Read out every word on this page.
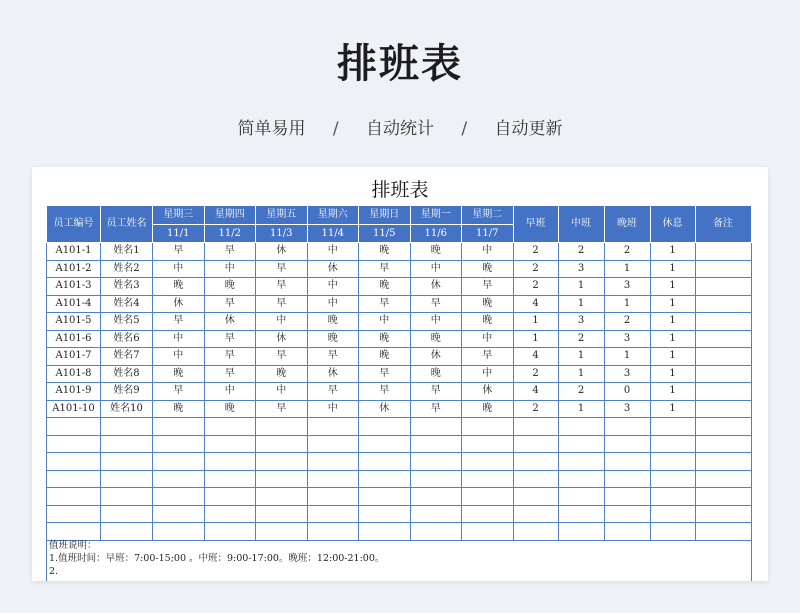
排班表
简单易用 / 自动统计 / 自动更新
排班表
员工编号	员工姓名	星期三	星期四	星期五	星期六	星期日	星期一	星期二	早班	中班	晚班	休息	备注
		11/1	11/2	11/3	11/4	11/5	11/6	11/7					
A101-1	姓名1	早	早	休	中	晚	晚	中	2	2	2	1	
A101-2	姓名2	中	中	早	休	早	中	晚	2	3	1	1	
A101-3	姓名3	晚	晚	早	中	晚	休	早	2	1	3	1	
A101-4	姓名4	休	早	早	中	早	早	晚	4	1	1	1	
A101-5	姓名5	早	休	中	晚	中	中	晚	1	3	2	1	
A101-6	姓名6	中	早	休	晚	晚	晚	中	1	2	3	1	
A101-7	姓名7	中	早	早	早	晚	休	早	4	1	1	1	
A101-8	姓名8	晚	早	晚	休	早	晚	中	2	1	3	1	
A101-9	姓名9	早	中	中	早	早	早	休	4	2	0	1	
A101-10	姓名10	晚	晚	早	中	休	早	晚	2	1	3	1	

值班说明：
1.值班时间：早班：7:00-15;00 。中班：9:00-17:00。晚班：12:00-21:00。
2.
